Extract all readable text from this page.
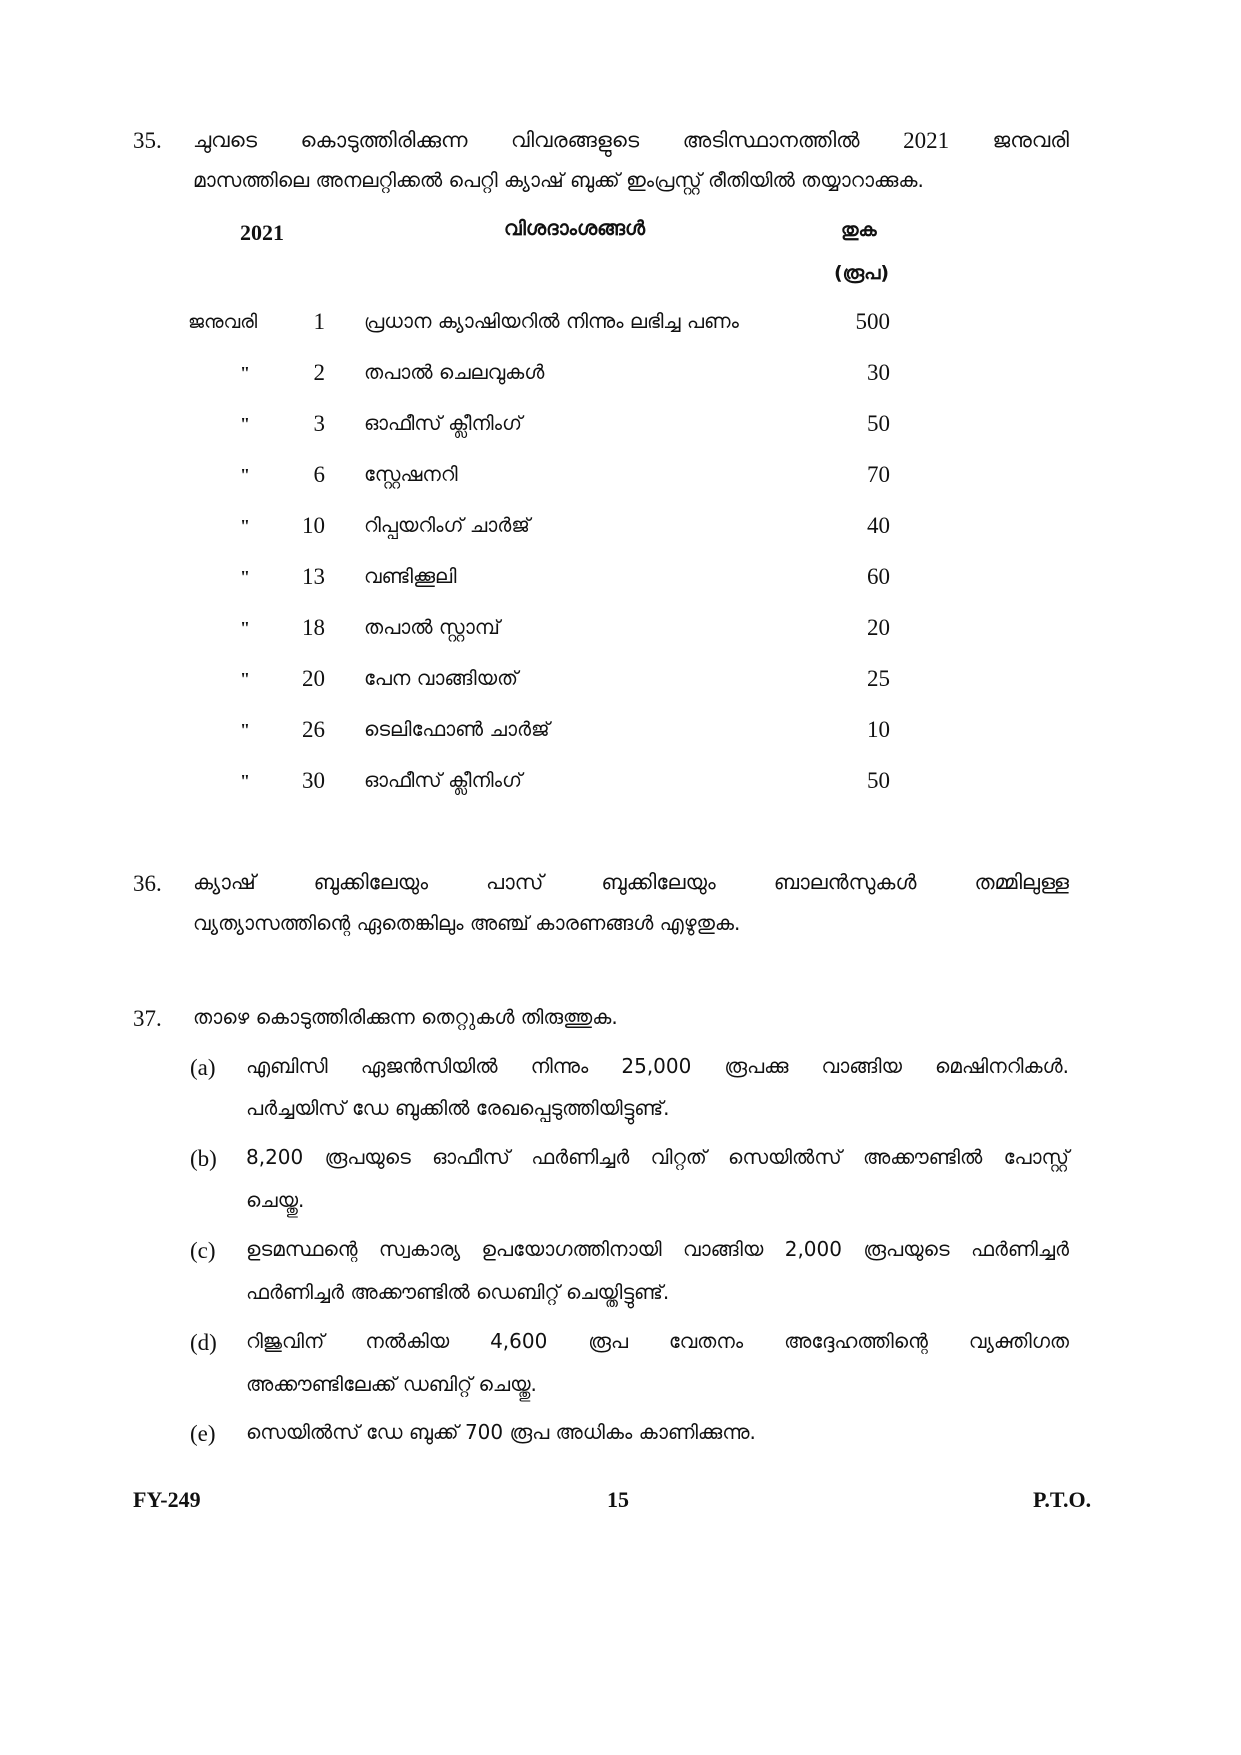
35. ചുവടെ കൊടുത്തിരിക്കുന്ന വിവരങ്ങളുടെ അടിസ്ഥാനത്തിൽ 2021 ജനുവരി
മാസത്തിലെ അനലറ്റിക്കൽ പെറ്റി ക്യാഷ് ബുക്ക് ഇംപ്രസ്റ്റ് രീതിയിൽ തയ്യാറാക്കുക.
2021	വിശദാംശങ്ങൾ	തുക
(രൂപ)
ജനുവരി	1 പ്രധാന ക്യാഷിയറിൽ നിന്നും ലഭിച്ച പണം	500
"	2 തപാൽ ചെലവുകൾ	30
"	3 ഓഫീസ് ക്ലീനിംഗ്	50
"	6 സ്റ്റേഷനറി	70
"	10 റിപ്പയറിംഗ് ചാർജ്	40
"	13 വണ്ടിക്കൂലി	60
"	18 തപാൽ സ്റ്റാമ്പ്	20
"	20 പേന വാങ്ങിയത്	25
"	26 ടെലിഫോൺ ചാർജ്	10
"	30 ഓഫീസ് ക്ലീനിംഗ്	50
36. ക്യാഷ്	ബുക്കിലേയും	പാസ്	ബുക്കിലേയും	ബാലൻസുകൾ	തമ്മിലുള്ള
വ്യത്യാസത്തിന്റെ ഏതെങ്കിലും അഞ്ച് കാരണങ്ങൾ എഴുതുക.
37. താഴെ കൊടുത്തിരിക്കുന്ന തെറ്റുകൾ തിരുത്തുക.
(a) എബിസി ഏജൻസിയിൽ നിന്നും 25,000 രൂപക്കു വാങ്ങിയ മെഷിനറികൾ.
പർച്ചയിസ് ഡേ ബുക്കിൽ രേഖപ്പെടുത്തിയിട്ടുണ്ട്.
(b) 8,200 രൂപയുടെ ഓഫീസ് ഫർണിച്ചർ വിറ്റത് സെയിൽസ് അക്കൗണ്ടിൽ പോസ്റ്റ്
ചെയ്തു.
(c) ഉടമസ്ഥന്റെ സ്വകാര്യ ഉപയോഗത്തിനായി വാങ്ങിയ 2,000 രൂപയുടെ ഫർണിച്ചർ
ഫർണിച്ചർ അക്കൗണ്ടിൽ ഡെബിറ്റ് ചെയ്തിട്ടുണ്ട്.
(d) റിജുവിന് നൽകിയ 4,600 രൂപ വേതനം അദ്ദേഹത്തിന്റെ വ്യക്തിഗത
അക്കൗണ്ടിലേക്ക് ഡബിറ്റ് ചെയ്തു.
(e) സെയിൽസ് ഡേ ബുക്ക് 700 രൂപ അധികം കാണിക്കുന്നു.
FY-249	15	P.T.O.
